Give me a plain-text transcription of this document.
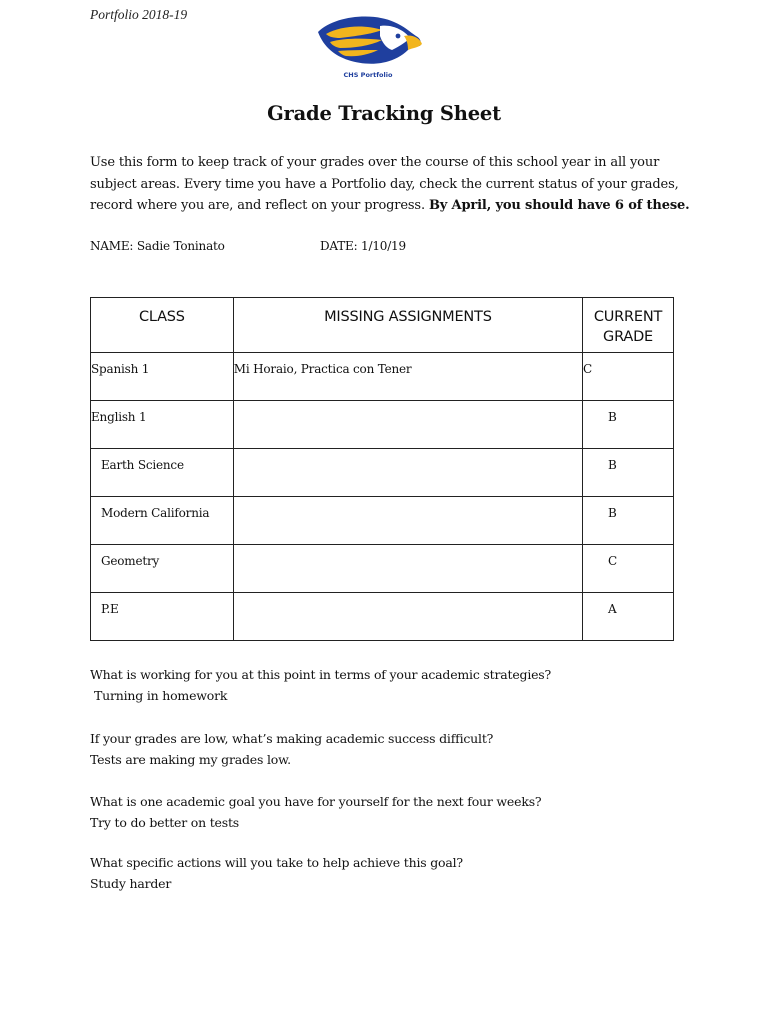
Portfolio 2018-19
CHS Portfolio
Grade Tracking Sheet
Use this form to keep track of your grades over the course of this school year in all your subject areas. Every time you have a Portfolio day, check the current status of your grades, record where you are, and reflect on your progress. By April, you should have 6 of these.
NAME: Sadie Toninato	DATE: 1/10/19
CLASS	MISSING ASSIGNMENTS	CURRENT GRADE
Spanish 1	Mi Horaio, Practica con Tener	C
English 1		B
Earth Science		B
Modern California		B
Geometry		C
P.E		A
What is working for you at this point in terms of your academic strategies?
Turning in homework
If your grades are low, what’s making academic success difficult?
Tests are making my grades low.
What is one academic goal you have for yourself for the next four weeks?
Try to do better on tests
What specific actions will you take to help achieve this goal?
Study harder
